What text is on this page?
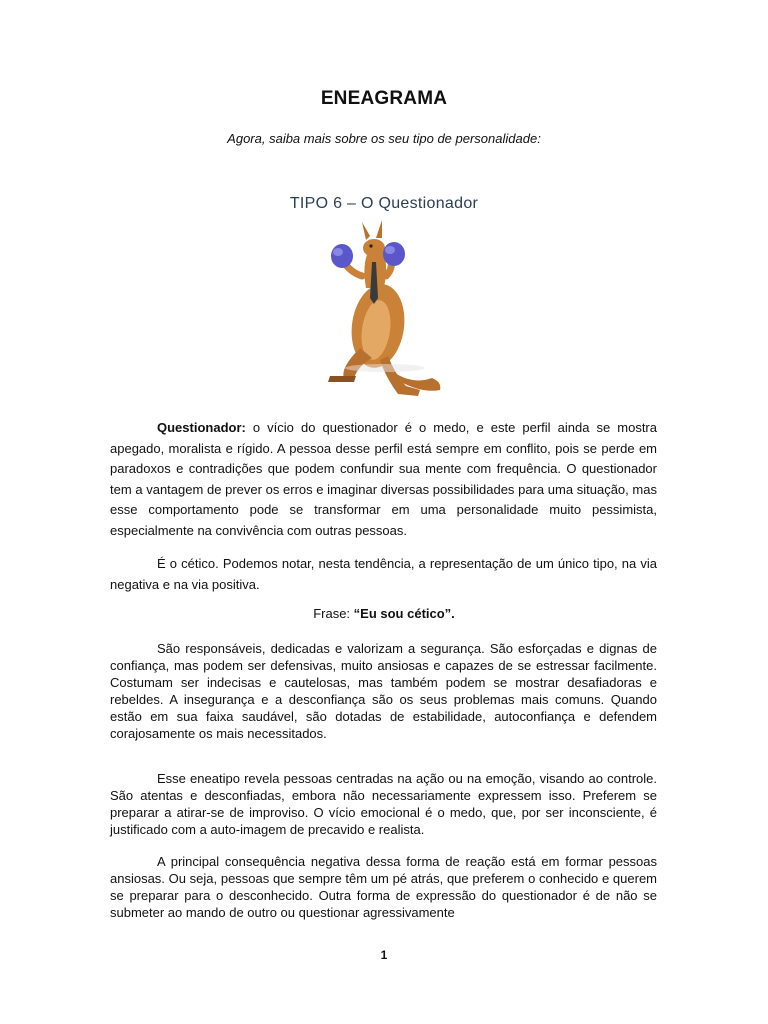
ENEAGRAMA
Agora, saiba mais sobre os seu tipo de personalidade:
TIPO 6 – O Questionador
Questionador: o vício do questionador é o medo, e este perfil ainda se mostra apegado, moralista e rígido. A pessoa desse perfil está sempre em conflito, pois se perde em paradoxos e contradições que podem confundir sua mente com frequência. O questionador tem a vantagem de prever os erros e imaginar diversas possibilidades para uma situação, mas esse comportamento pode se transformar em uma personalidade muito pessimista, especialmente na convivência com outras pessoas.
É o cético. Podemos notar, nesta tendência, a representação de um único tipo, na via negativa e na via positiva.
Frase: “Eu sou cético”.
São responsáveis, dedicadas e valorizam a segurança. São esforçadas e dignas de confiança, mas podem ser defensivas, muito ansiosas e capazes de se estressar facilmente. Costumam ser indecisas e cautelosas, mas também podem se mostrar desafiadoras e rebeldes. A insegurança e a desconfiança são os seus problemas mais comuns. Quando estão em sua faixa saudável, são dotadas de estabilidade, autoconfiança e defendem corajosamente os mais necessitados.
Esse eneatipo revela pessoas centradas na ação ou na emoção, visando ao controle. São atentas e desconfiadas, embora não necessariamente expressem isso. Preferem se preparar a atirar-se de improviso. O vício emocional é o medo, que, por ser inconsciente, é justificado com a auto-imagem de precavido e realista.
A principal consequência negativa dessa forma de reação está em formar pessoas ansiosas. Ou seja, pessoas que sempre têm um pé atrás, que preferem o conhecido e querem se preparar para o desconhecido. Outra forma de expressão do questionador é de não se submeter ao mando de outro ou questionar agressivamente
1
